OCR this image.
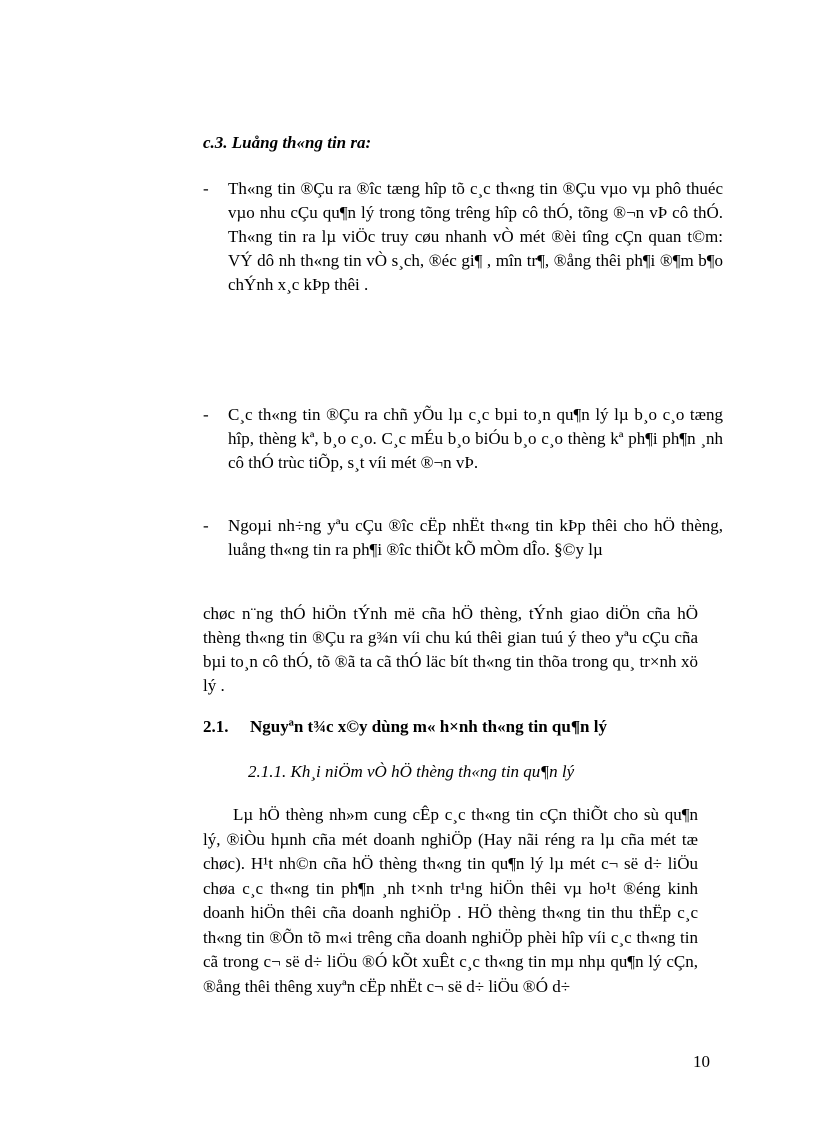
c.3. Luång th«ng tin ra:
- Th«ng tin ®Çu ra ®îc tæng hîp tõ c¸c th«ng tin ®Çu vµo vµ phô thuéc vµo nhu cÇu qu¶n lý trong tõng trêng hîp cô thÓ, tõng ®¬n vÞ cô thÓ. Th«ng tin ra lµ viÖc truy cøu nhanh vÒ mét ®èi tîng cÇn quan t©m: VÝ dô nh th«ng tin vÒ s¸ch, ®éc gi¶ , mîn tr¶, ®ång thêi ph¶i ®¶m b¶o chÝnh x¸c kÞp thêi .
- C¸c th«ng tin ®Çu ra chñ yÕu lµ c¸c bµi to¸n qu¶n lý lµ b¸o c¸o tæng hîp, thèng kª, b¸o c¸o. C¸c mÉu b¸o biÓu b¸o c¸o thèng kª ph¶i ph¶n ¸nh cô thÓ trùc tiÕp, s¸t víi mét ®¬n vÞ.
- Ngoµi nh÷ng yªu cÇu ®îc cËp nhËt th«ng tin kÞp thêi cho hÖ thèng, luång th«ng tin ra ph¶i ®îc thiÕt kÕ mÒm dÎo. §©y lµ
chøc n¨ng thÓ hiÖn tÝnh më cña hÖ thèng, tÝnh giao diÖn cña hÖ thèng th«ng tin ®Çu ra g¾n víi chu kú thêi gian tuú ý theo yªu cÇu cña bµi to¸n cô thÓ, tõ ®ã ta cã thÓ läc bít th«ng tin thõa trong qu¸ tr×nh xö lý .
2.1. Nguyªn t¾c x©y dùng m« h×nh th«ng tin qu¶n lý
2.1.1. Kh¸i niÖm vÒ hÖ thèng th«ng tin qu¶n lý
Lµ hÖ thèng nh»m cung cÊp c¸c th«ng tin cÇn thiÕt cho sù qu¶n lý, ®iÒu hµnh cña mét doanh nghiÖp (Hay nãi réng ra lµ cña mét tæ chøc). H¹t nh©n cña hÖ thèng th«ng tin qu¶n lý lµ mét c¬ së d÷ liÖu chøa c¸c th«ng tin ph¶n ¸nh t×nh tr¹ng hiÖn thêi vµ ho¹t ®éng kinh doanh hiÖn thêi cña doanh nghiÖp . HÖ thèng th«ng tin thu thËp c¸c th«ng tin ®Õn tõ m«i trêng cña doanh nghiÖp phèi hîp víi c¸c th«ng tin cã trong c¬ së d÷ liÖu ®Ó kÕt xuÊt c¸c th«ng tin mµ nhµ qu¶n lý cÇn, ®ång thêi thêng xuyªn cËp nhËt c¬ së d÷ liÖu ®Ó d÷
10
